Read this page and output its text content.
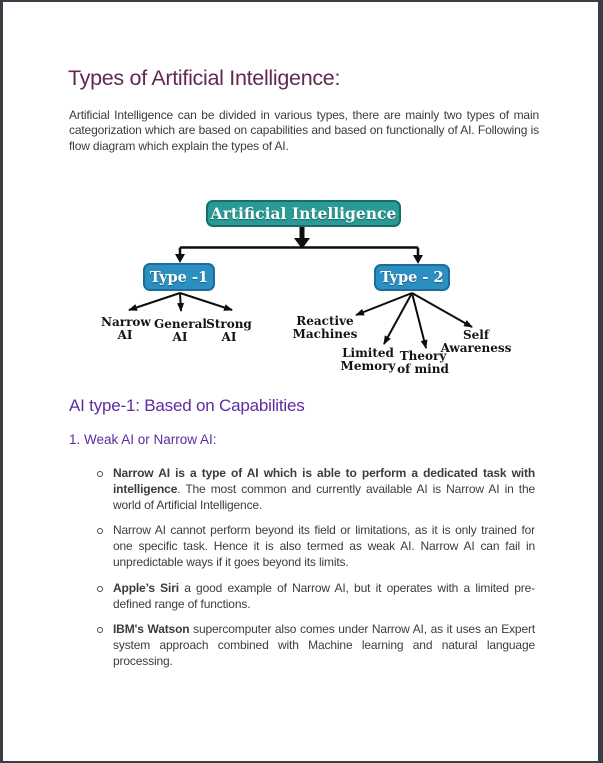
Types of Artificial Intelligence:

Artificial Intelligence can be divided in various types, there are mainly two types of main categorization which are based on capabilities and based on functionally of AI. Following is flow diagram which explain the types of AI.

Artificial Intelligence
Type -1	Type - 2
Narrow
AI
General
AI
Strong
AI
Reactive
Machines
Limited
Memory
Theory
of mind
Self
Awareness
AI type-1: Based on Capabilities
1. Weak AI or Narrow AI:
Narrow AI is a type of AI which is able to perform a dedicated task with intelligence. The most common and currently available AI is Narrow AI in the world of Artificial Intelligence.
Narrow AI cannot perform beyond its field or limitations, as it is only trained for one specific task. Hence it is also termed as weak AI. Narrow AI can fail in unpredictable ways if it goes beyond its limits.
Apple’s Siri a good example of Narrow AI, but it operates with a limited pre-defined range of functions.
IBM's Watson supercomputer also comes under Narrow AI, as it uses an Expert system approach combined with Machine learning and natural language processing.
